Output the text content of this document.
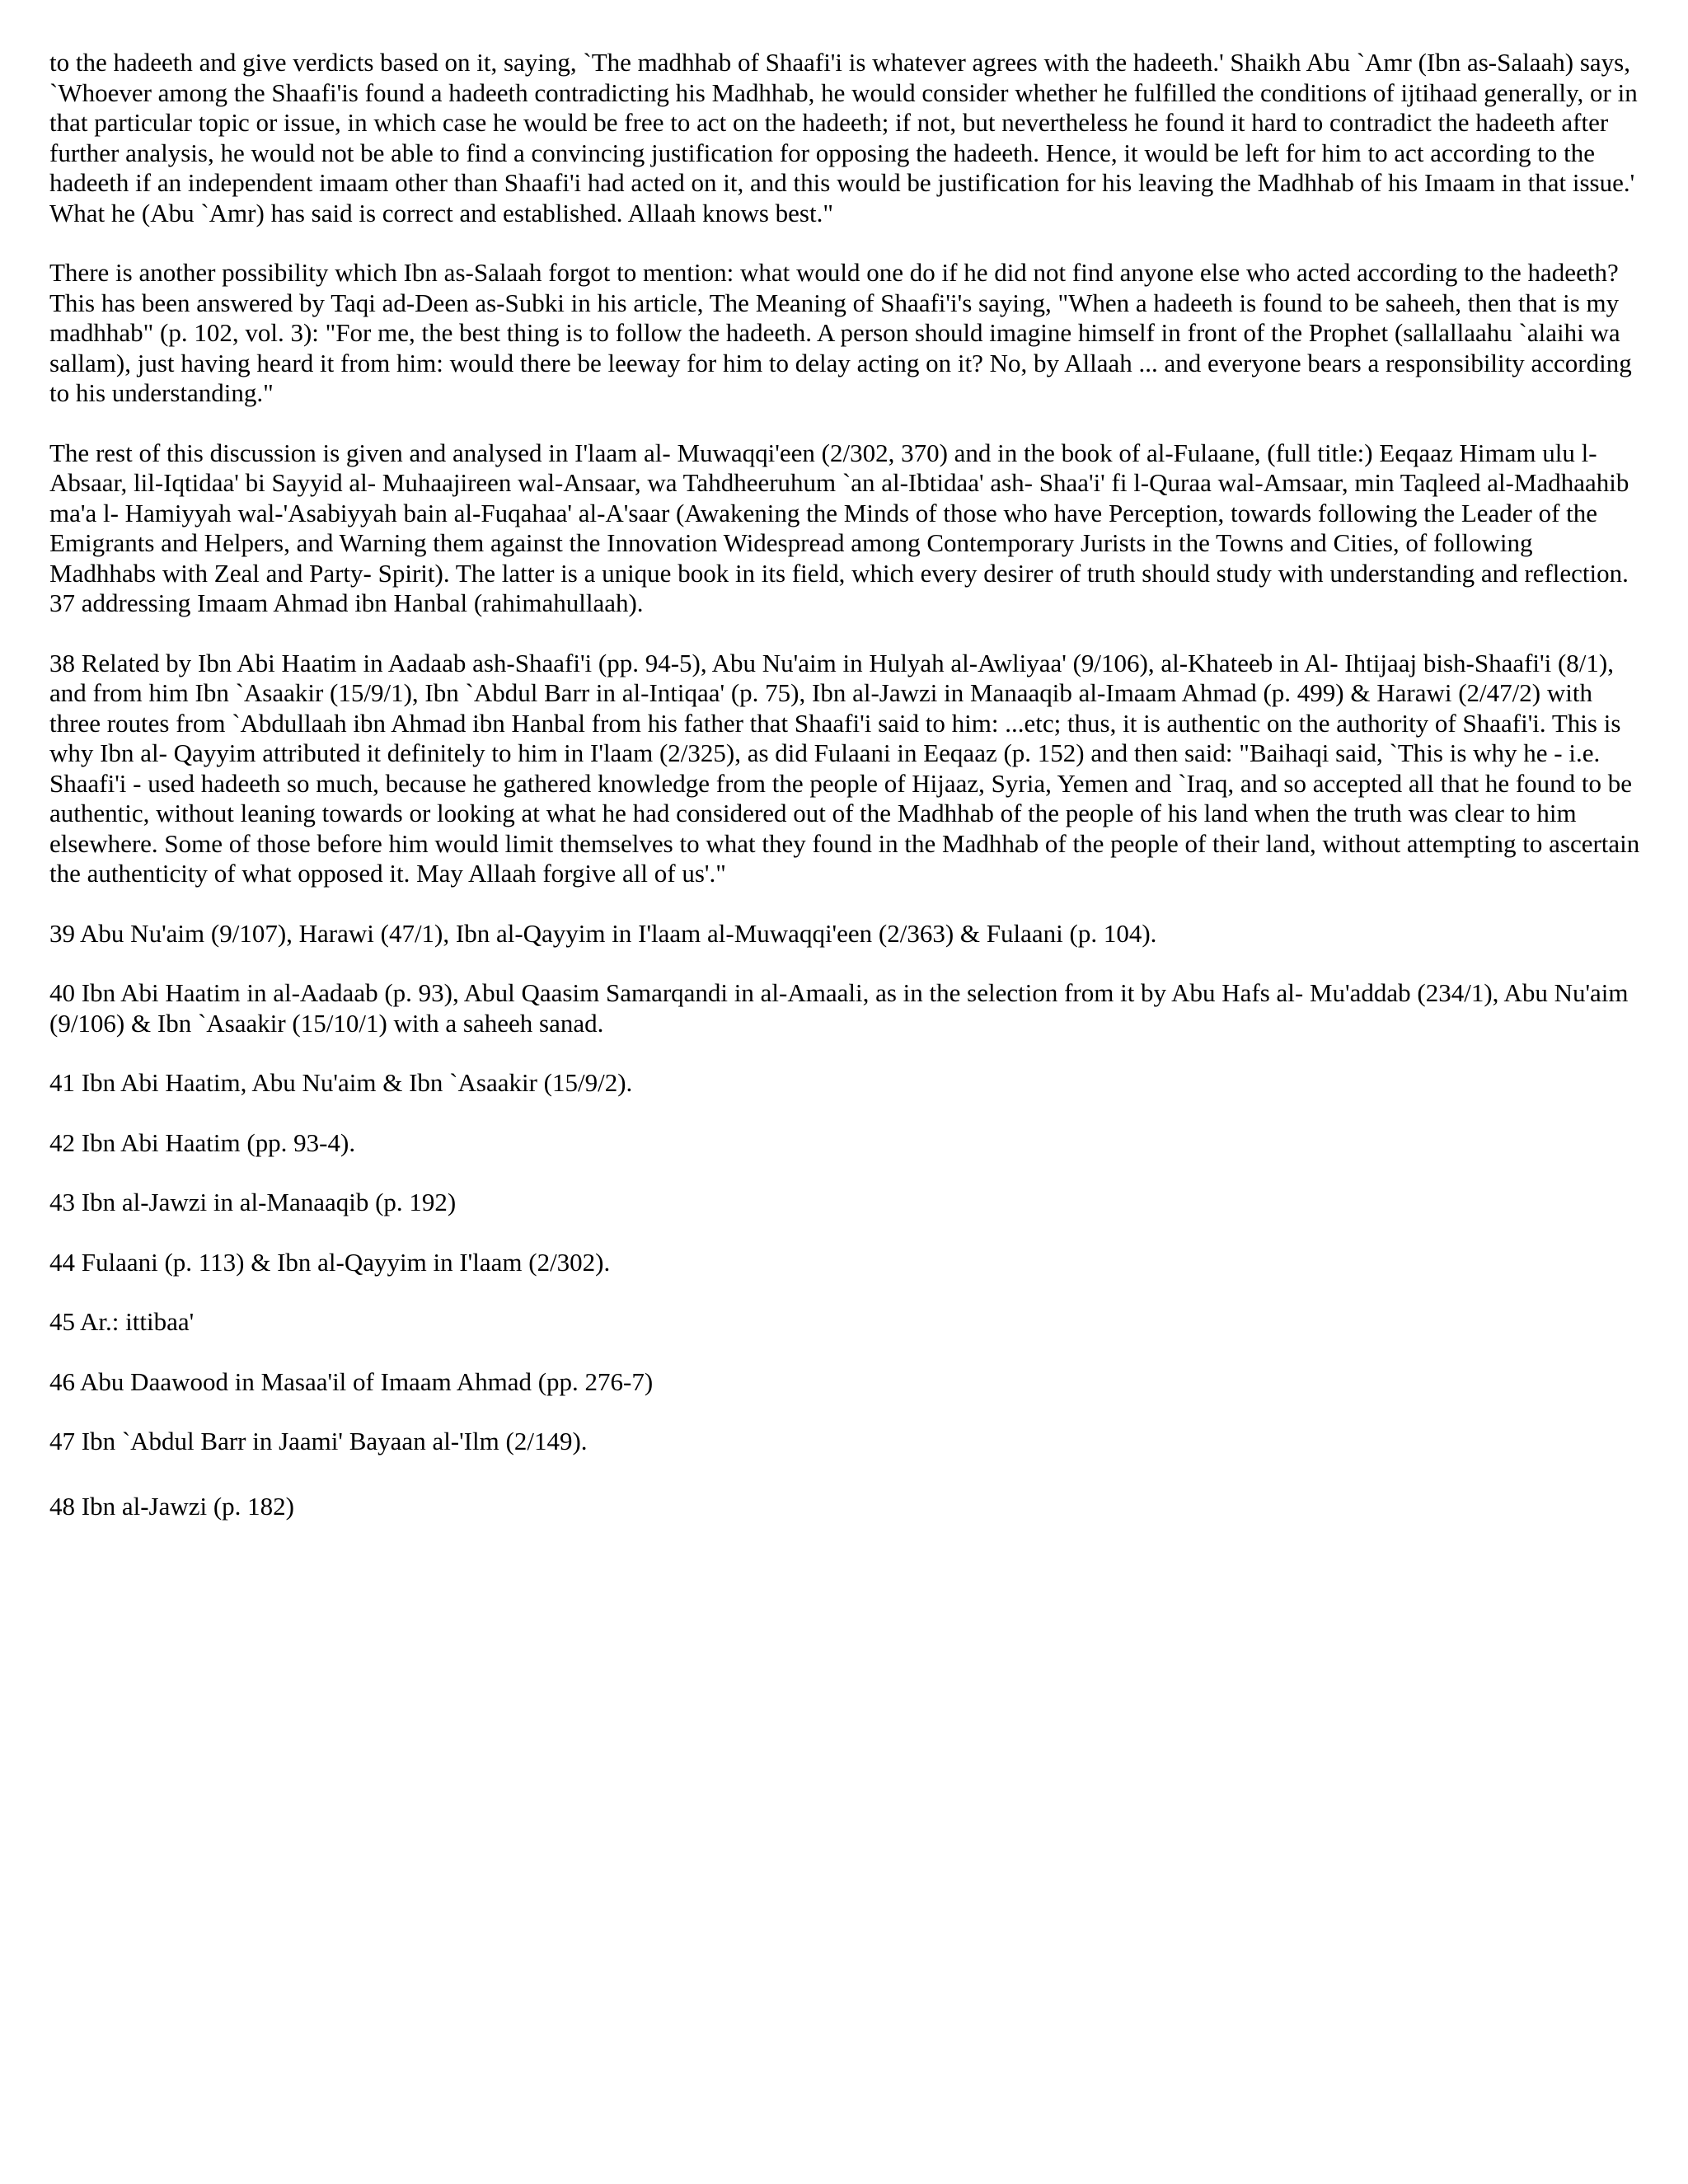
to the hadeeth and give verdicts based on it, saying, `The madhhab of Shaafi'i is whatever agrees with the hadeeth.' Shaikh Abu `Amr (Ibn as-Salaah) says, `Whoever among the Shaafi'is found a hadeeth contradicting his Madhhab, he would consider whether he fulfilled the conditions of ijtihaad generally, or in that particular topic or issue, in which case he would be free to act on the hadeeth; if not, but nevertheless he found it hard to contradict the hadeeth after further analysis, he would not be able to find a convincing justification for opposing the hadeeth. Hence, it would be left for him to act according to the hadeeth if an independent imaam other than Shaafi'i had acted on it, and this would be justification for his leaving the Madhhab of his Imaam in that issue.' What he (Abu `Amr) has said is correct and established. Allaah knows best."

There is another possibility which Ibn as-Salaah forgot to mention: what would one do if he did not find anyone else who acted according to the hadeeth? This has been answered by Taqi ad-Deen as-Subki in his article, The Meaning of Shaafi'i's saying, "When a hadeeth is found to be saheeh, then that is my madhhab" (p. 102, vol. 3): "For me, the best thing is to follow the hadeeth. A person should imagine himself in front of the Prophet (sallallaahu `alaihi wa sallam), just having heard it from him: would there be leeway for him to delay acting on it? No, by Allaah ... and everyone bears a responsibility according to his understanding."

The rest of this discussion is given and analysed in I'laam al- Muwaqqi'een (2/302, 370) and in the book of al-Fulaane, (full title:) Eeqaaz Himam ulu l-Absaar, lil-Iqtidaa' bi Sayyid al- Muhaajireen wal-Ansaar, wa Tahdheeruhum `an al-Ibtidaa' ash- Shaa'i' fi l-Quraa wal-Amsaar, min Taqleed al-Madhaahib ma'a l- Hamiyyah wal-'Asabiyyah bain al-Fuqahaa' al-A'saar (Awakening the Minds of those who have Perception, towards following the Leader of the Emigrants and Helpers, and Warning them against the Innovation Widespread among Contemporary Jurists in the Towns and Cities, of following Madhhabs with Zeal and Party- Spirit). The latter is a unique book in its field, which every desirer of truth should study with understanding and reflection. 37 addressing Imaam Ahmad ibn Hanbal (rahimahullaah).

38 Related by Ibn Abi Haatim in Aadaab ash-Shaafi'i (pp. 94-5), Abu Nu'aim in Hulyah al-Awliyaa' (9/106), al-Khateeb in Al- Ihtijaaj bish-Shaafi'i (8/1), and from him Ibn `Asaakir (15/9/1), Ibn `Abdul Barr in al-Intiqaa' (p. 75), Ibn al-Jawzi in Manaaqib al-Imaam Ahmad (p. 499) & Harawi (2/47/2) with three routes from `Abdullaah ibn Ahmad ibn Hanbal from his father that Shaafi'i said to him: ...etc; thus, it is authentic on the authority of Shaafi'i. This is why Ibn al- Qayyim attributed it definitely to him in I'laam (2/325), as did Fulaani in Eeqaaz (p. 152) and then said: "Baihaqi said, `This is why he - i.e. Shaafi'i - used hadeeth so much, because he gathered knowledge from the people of Hijaaz, Syria, Yemen and `Iraq, and so accepted all that he found to be authentic, without leaning towards or looking at what he had considered out of the Madhhab of the people of his land when the truth was clear to him elsewhere. Some of those before him would limit themselves to what they found in the Madhhab of the people of their land, without attempting to ascertain the authenticity of what opposed it. May Allaah forgive all of us'."

39 Abu Nu'aim (9/107), Harawi (47/1), Ibn al-Qayyim in I'laam al-Muwaqqi'een (2/363) & Fulaani (p. 104).

40 Ibn Abi Haatim in al-Aadaab (p. 93), Abul Qaasim Samarqandi in al-Amaali, as in the selection from it by Abu Hafs al- Mu'addab (234/1), Abu Nu'aim (9/106) & Ibn `Asaakir (15/10/1) with a saheeh sanad.

41 Ibn Abi Haatim, Abu Nu'aim & Ibn `Asaakir (15/9/2).

42 Ibn Abi Haatim (pp. 93-4).

43 Ibn al-Jawzi in al-Manaaqib (p. 192)

44 Fulaani (p. 113) & Ibn al-Qayyim in I'laam (2/302).

45 Ar.: ittibaa'

46 Abu Daawood in Masaa'il of Imaam Ahmad (pp. 276-7)

47 Ibn `Abdul Barr in Jaami' Bayaan al-'Ilm (2/149).

48 Ibn al-Jawzi (p. 182)
